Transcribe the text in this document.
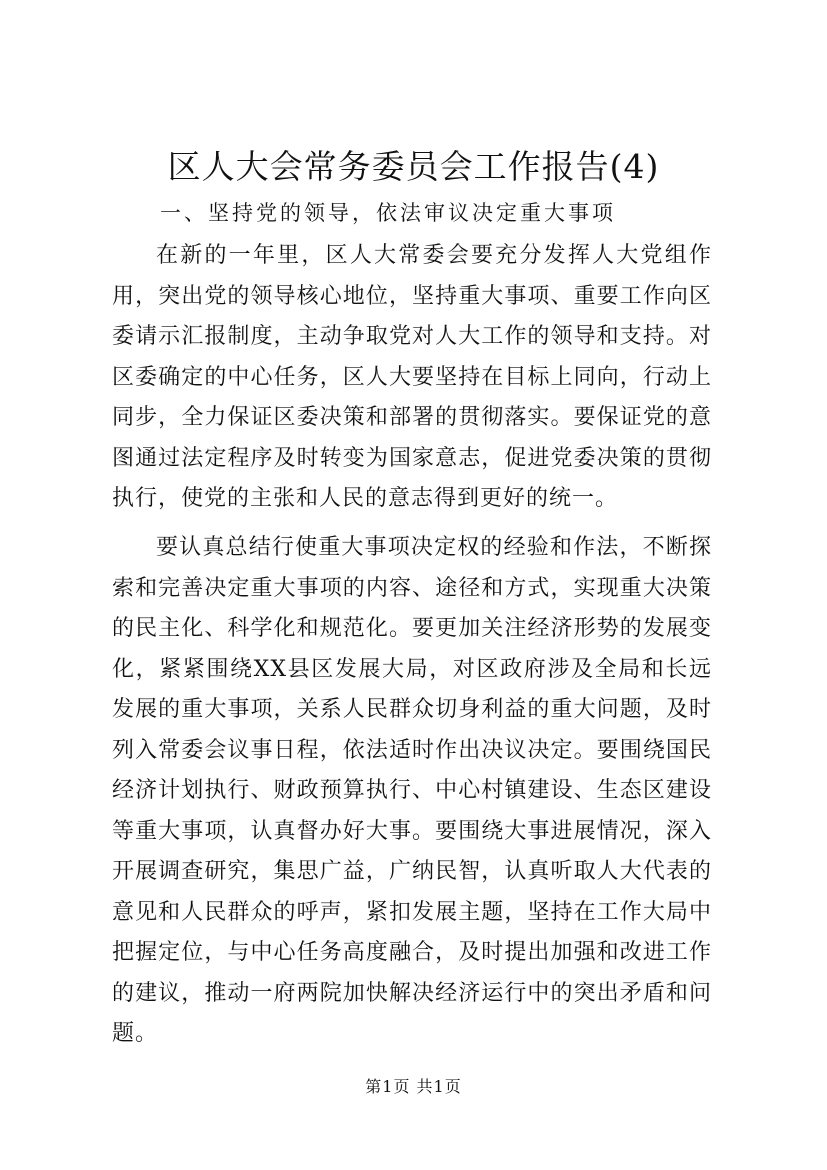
区人大会常务委员会工作报告(4)
一、坚持党的领导，依法审议决定重大事项

在新的一年里，区人大常委会要充分发挥人大党组作用，突出党的领导核心地位，坚持重大事项、重要工作向区委请示汇报制度，主动争取党对人大工作的领导和支持。对区委确定的中心任务，区人大要坚持在目标上同向，行动上同步，全力保证区委决策和部署的贯彻落实。要保证党的意图通过法定程序及时转变为国家意志，促进党委决策的贯彻执行，使党的主张和人民的意志得到更好的统一。

要认真总结行使重大事项决定权的经验和作法，不断探索和完善决定重大事项的内容、途径和方式，实现重大决策的民主化、科学化和规范化。要更加关注经济形势的发展变化，紧紧围绕XX县区发展大局，对区政府涉及全局和长远发展的重大事项，关系人民群众切身利益的重大问题，及时列入常委会议事日程，依法适时作出决议决定。要围绕国民经济计划执行、财政预算执行、中心村镇建设、生态区建设等重大事项，认真督办好大事。要围绕大事进展情况，深入开展调查研究，集思广益，广纳民智，认真听取人大代表的意见和人民群众的呼声，紧扣发展主题，坚持在工作大局中把握定位，与中心任务高度融合，及时提出加强和改进工作的建议，推动一府两院加快解决经济运行中的突出矛盾和问题。

第1页 共1页
